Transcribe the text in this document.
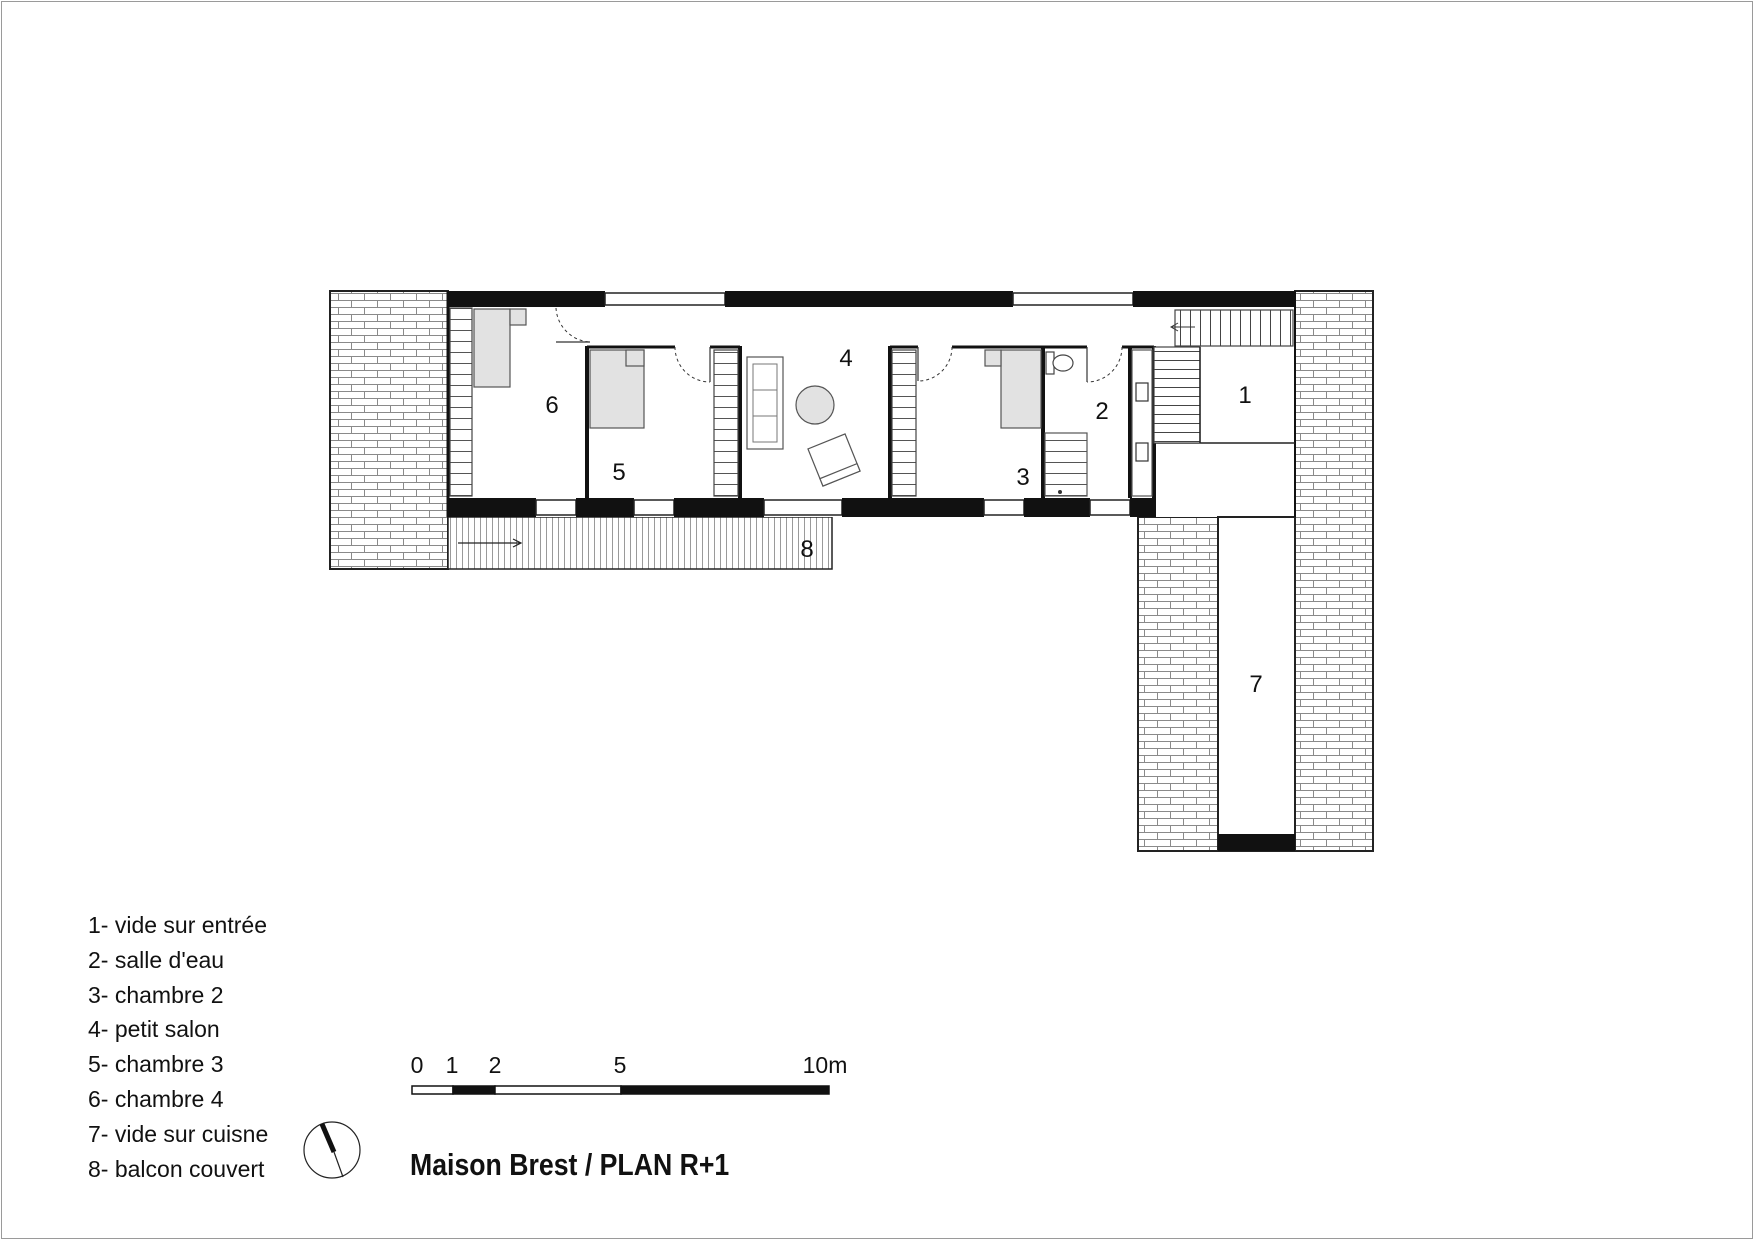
1
2
3
4
5
6
7
8
0 1 2	5	10m
1- vide sur entrée
2- salle d'eau
3- chambre 2
4- petit salon
5- chambre 3
6- chambre 4
7- vide sur cuisne
8- balcon couvert	Maison Brest / PLAN R+1
